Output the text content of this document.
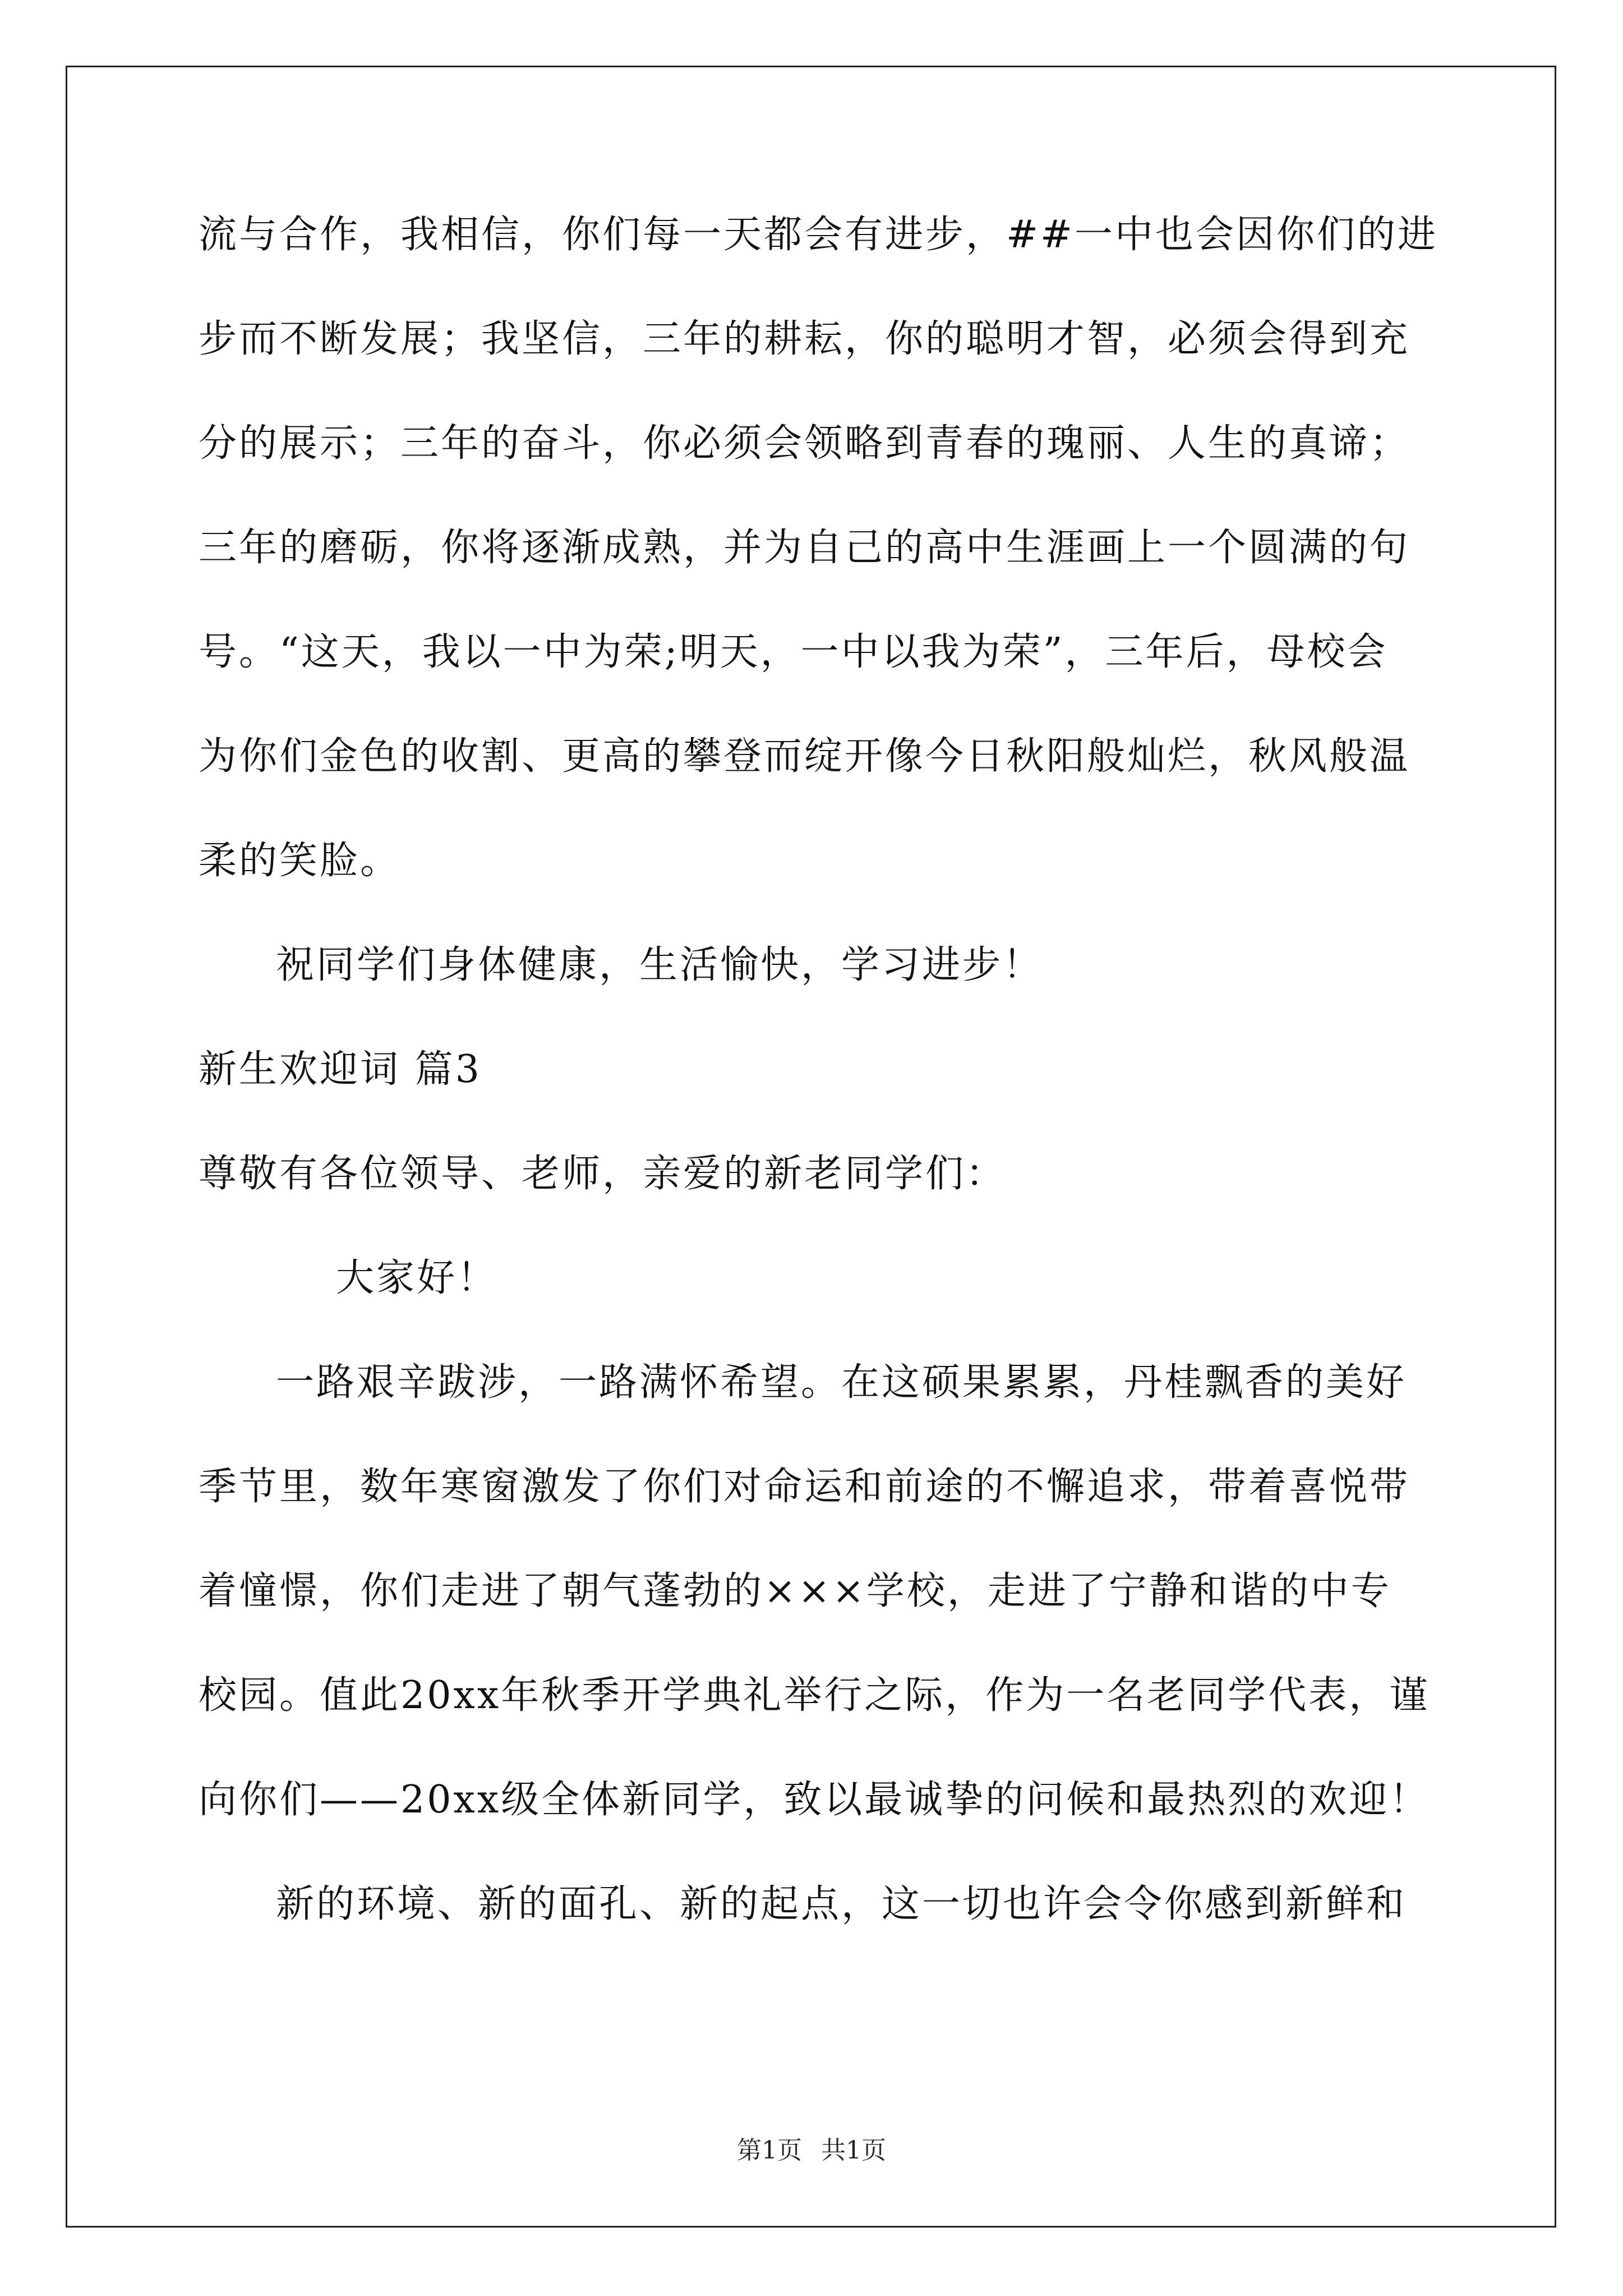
流与合作，我相信，你们每一天都会有进步，##一中也会因你们的进
步而不断发展；我坚信，三年的耕耘，你的聪明才智，必须会得到充
分的展示；三年的奋斗，你必须会领略到青春的瑰丽、人生的真谛；
三年的磨砺，你将逐渐成熟，并为自己的高中生涯画上一个圆满的句
号。“这天，我以一中为荣;明天，一中以我为荣”，三年后，母校会
为你们金色的收割、更高的攀登而绽开像今日秋阳般灿烂，秋风般温
柔的笑脸。
祝同学们身体健康，生活愉快，学习进步！
新生欢迎词 篇3
尊敬有各位领导、老师，亲爱的新老同学们：
大家好！
一路艰辛跋涉，一路满怀希望。在这硕果累累，丹桂飘香的美好
季节里，数年寒窗激发了你们对命运和前途的不懈追求，带着喜悦带
着憧憬，你们走进了朝气蓬勃的×××学校，走进了宁静和谐的中专
校园。值此20xx年秋季开学典礼举行之际，作为一名老同学代表，谨
向你们——20xx级全体新同学，致以最诚挚的问候和最热烈的欢迎！
新的环境、新的面孔、新的起点，这一切也许会令你感到新鲜和
第1页 共1页
